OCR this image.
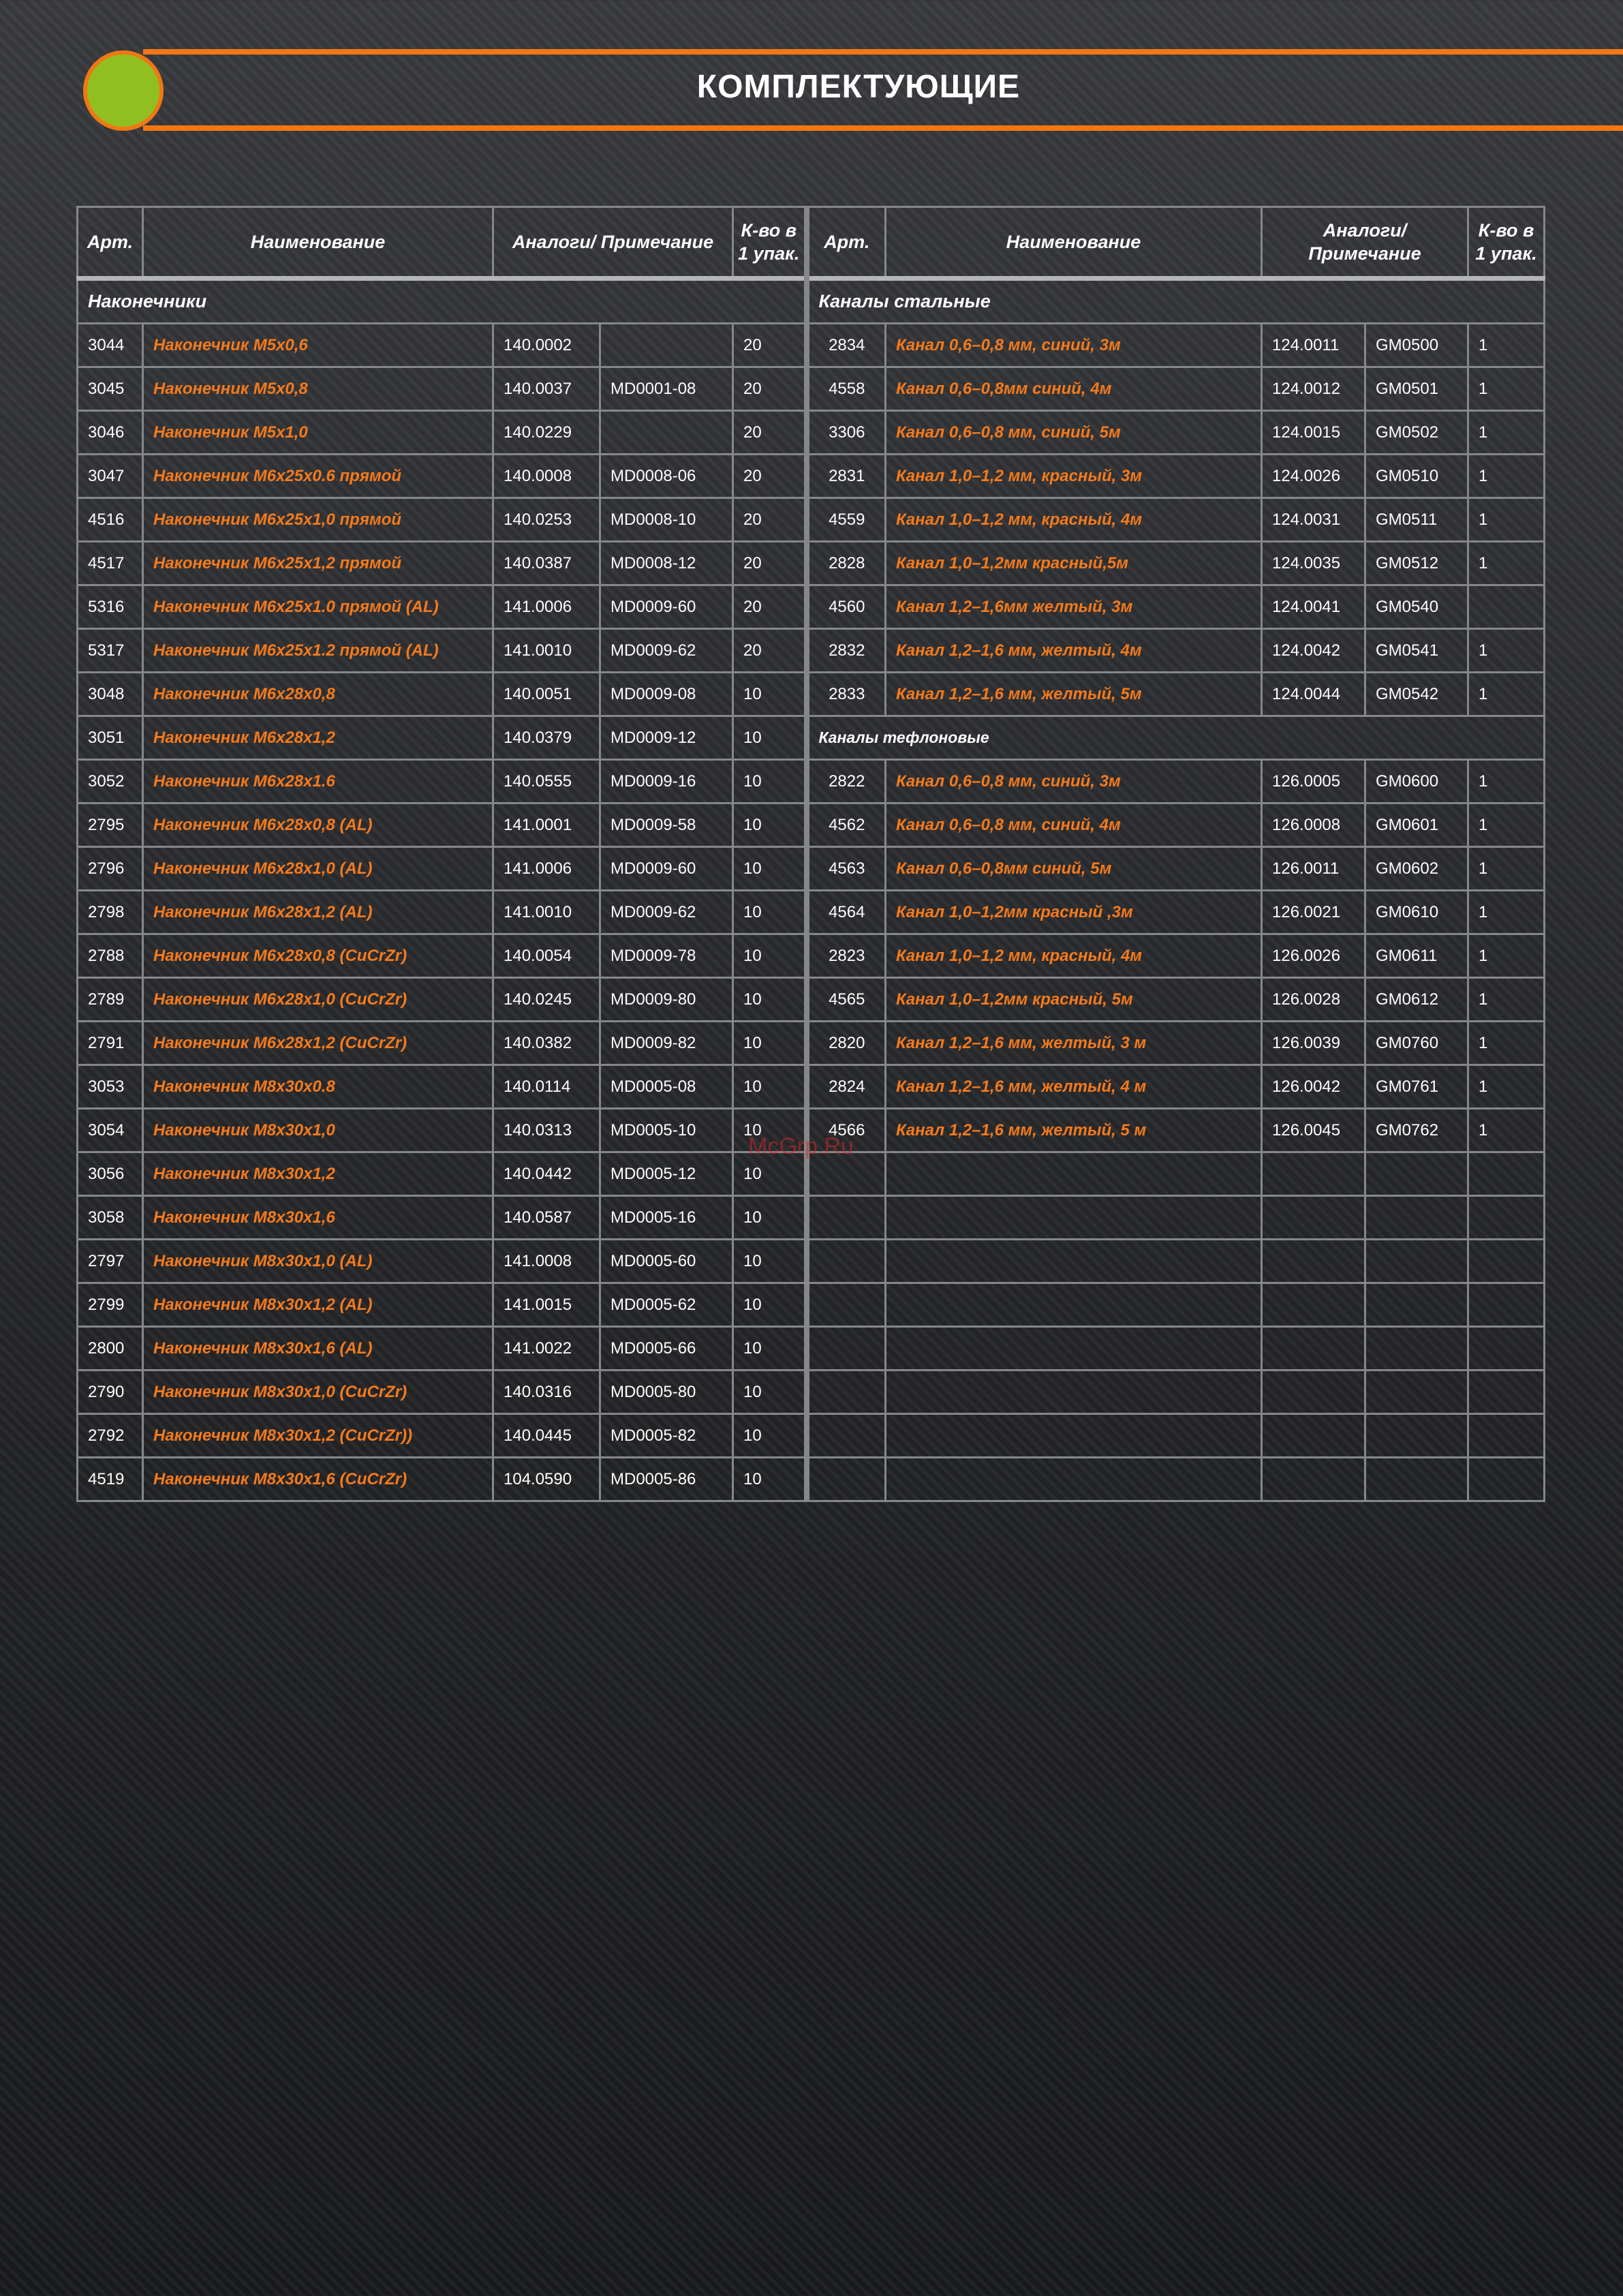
КОМПЛЕКТУЮЩИЕ
Арт.	Наименование	Аналоги/ Примечание		К-во в 1 упак.	Арт.	Наименование	Аналоги/ Примечание		К-во в 1 упак.
Наконечники					Каналы стальные				
3044	Наконечник M5x0,6	140.0002		20	2834	Канал 0,6–0,8 мм, синий, 3м	124.0011	GM0500	1
3045	Наконечник M5x0,8	140.0037	MD0001-08	20	4558	Канал 0,6–0,8мм синий, 4м	124.0012	GM0501	1
3046	Наконечник M5x1,0	140.0229		20	3306	Канал 0,6–0,8 мм, синий, 5м	124.0015	GM0502	1
3047	Наконечник M6x25x0.6 прямой	140.0008	MD0008-06	20	2831	Канал 1,0–1,2 мм, красный, 3м	124.0026	GM0510	1
4516	Наконечник M6x25x1,0 прямой	140.0253	MD0008-10	20	4559	Канал 1,0–1,2 мм, красный, 4м	124.0031	GM0511	1
4517	Наконечник M6x25x1,2 прямой	140.0387	MD0008-12	20	2828	Канал 1,0–1,2мм красный,5м	124.0035	GM0512	1
5316	Наконечник M6x25x1.0 прямой (AL)	141.0006	MD0009-60	20	4560	Канал 1,2–1,6мм желтый, 3м	124.0041	GM0540	
5317	Наконечник M6x25x1.2 прямой (AL)	141.0010	MD0009-62	20	2832	Канал 1,2–1,6 мм, желтый, 4м	124.0042	GM0541	1
3048	Наконечник M6x28x0,8	140.0051	MD0009-08	10	2833	Канал 1,2–1,6 мм, желтый, 5м	124.0044	GM0542	1
3051	Наконечник M6x28x1,2	140.0379	MD0009-12	10	Каналы тефлоновые				
3052	Наконечник M6x28x1.6	140.0555	MD0009-16	10	2822	Канал 0,6–0,8 мм, синий, 3м	126.0005	GM0600	1
2795	Наконечник M6x28x0,8 (AL)	141.0001	MD0009-58	10	4562	Канал 0,6–0,8 мм, синий, 4м	126.0008	GM0601	1
2796	Наконечник M6x28x1,0 (AL)	141.0006	MD0009-60	10	4563	Канал 0,6–0,8мм синий, 5м	126.0011	GM0602	1
2798	Наконечник M6x28x1,2 (AL)	141.0010	MD0009-62	10	4564	Канал 1,0–1,2мм красный ,3м	126.0021	GM0610	1
2788	Наконечник M6x28x0,8 (CuCrZr)	140.0054	MD0009-78	10	2823	Канал 1,0–1,2 мм, красный, 4м	126.0026	GM0611	1
2789	Наконечник M6x28x1,0 (CuCrZr)	140.0245	MD0009-80	10	4565	Канал 1,0–1,2мм красный, 5м	126.0028	GM0612	1
2791	Наконечник M6x28x1,2 (CuCrZr)	140.0382	MD0009-82	10	2820	Канал 1,2–1,6 мм, желтый, 3 м	126.0039	GM0760	1
3053	Наконечник M8x30x0.8	140.0114	MD0005-08	10	2824	Канал 1,2–1,6 мм, желтый, 4 м	126.0042	GM0761	1
3054	Наконечник M8x30x1,0	140.0313	MD0005-10	10	4566	Канал 1,2–1,6 мм, желтый, 5 м	126.0045	GM0762	1
3056	Наконечник M8x30x1,2	140.0442	MD0005-12	10					
3058	Наконечник M8x30x1,6	140.0587	MD0005-16	10					
2797	Наконечник M8x30x1,0 (AL)	141.0008	MD0005-60	10					
2799	Наконечник M8x30x1,2 (AL)	141.0015	MD0005-62	10					
2800	Наконечник M8x30x1,6 (AL)	141.0022	MD0005-66	10					
2790	Наконечник M8x30x1,0 (CuCrZr)	140.0316	MD0005-80	10					
2792	Наконечник M8x30x1,2 (CuCrZr))	140.0445	MD0005-82	10					
4519	Наконечник M8x30x1,6 (CuCrZr)	104.0590	MD0005-86	10					
McGrp.Ru
